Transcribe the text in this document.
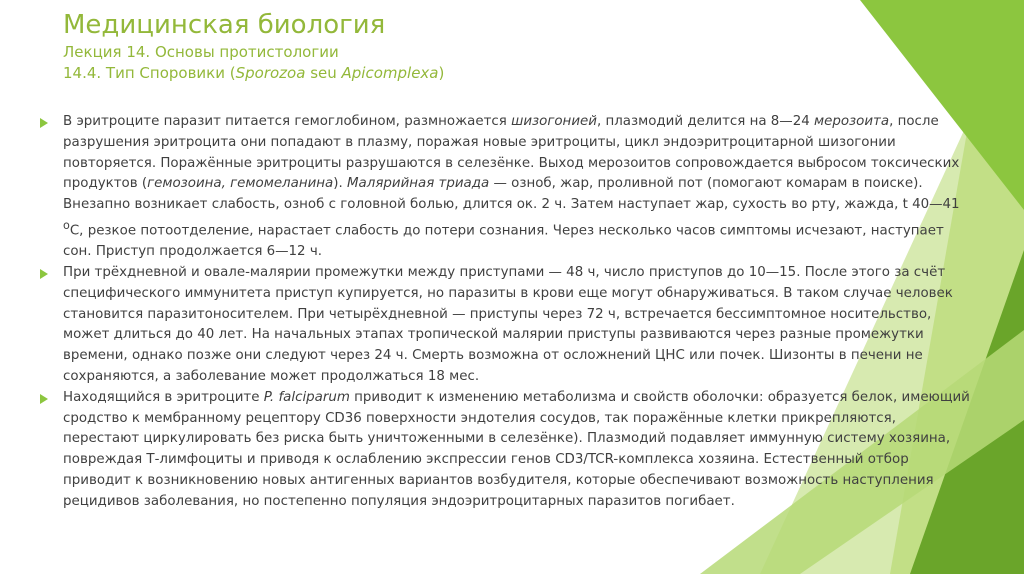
Медицинская биология
Лекция 14. Основы протистологии
14.4. Тип Споровики (Sporozoa seu Apicomplexa)
В эритроците паразит питается гемоглобином, размножается шизогонией, плазмодий делится на 8—24 мерозоита, после разрушения эритроцита они попадают в плазму, поражая новые эритроциты, цикл эндоэритроцитарной шизогонии повторяется. Поражённые эритроциты разрушаются в селезёнке. Выход мерозоитов сопровождается выбросом токсических продуктов (гемозоина, гемомеланина). Малярийная триада — озноб, жар, проливной пот (помогают комарам в поиске). Внезапно возникает слабость, озноб с головной болью, длится ок. 2 ч. Затем наступает жар, сухость во рту, жажда, t 40—41 $^o$C, резкое потоотделение, нарастает слабость до потери сознания. Через несколько часов симптомы исчезают, наступает сон. Приступ продолжается 6—12 ч.
При трёхдневной и овале-малярии промежутки между приступами — 48 ч, число приступов до 10—15. После этого за счёт специфического иммунитета приступ купируется, но паразиты в крови еще могут обнаруживаться. В таком случае человек становится паразитоносителем. При четырёхдневной — приступы через 72 ч, встречается бессимптомное носительство, может длиться до 40 лет. На начальных этапах тропической малярии приступы развиваются через разные промежутки времени, однако позже они следуют через 24 ч. Смерть возможна от осложнений ЦНС или почек. Шизонты в печени не сохраняются, а заболевание может продолжаться 18 мес.
Находящийся в эритроците P. falciparum приводит к изменению метаболизма и свойств оболочки: образуется белок, имеющий сродство к мембранному рецептору CD36 поверхности эндотелия сосудов, так поражённые клетки прикрепляются, перестают циркулировать без риска быть уничтоженными в селезёнке). Плазмодий подавляет иммунную систему хозяина, повреждая Т-лимфоциты и приводя к ослаблению экспрессии генов CD3/TCR-комплекса хозяина. Естественный отбор приводит к возникновению новых антигенных вариантов возбудителя, которые обеспечивают возможность наступления рецидивов заболевания, но постепенно популяция эндоэритроцитарных паразитов погибает.
